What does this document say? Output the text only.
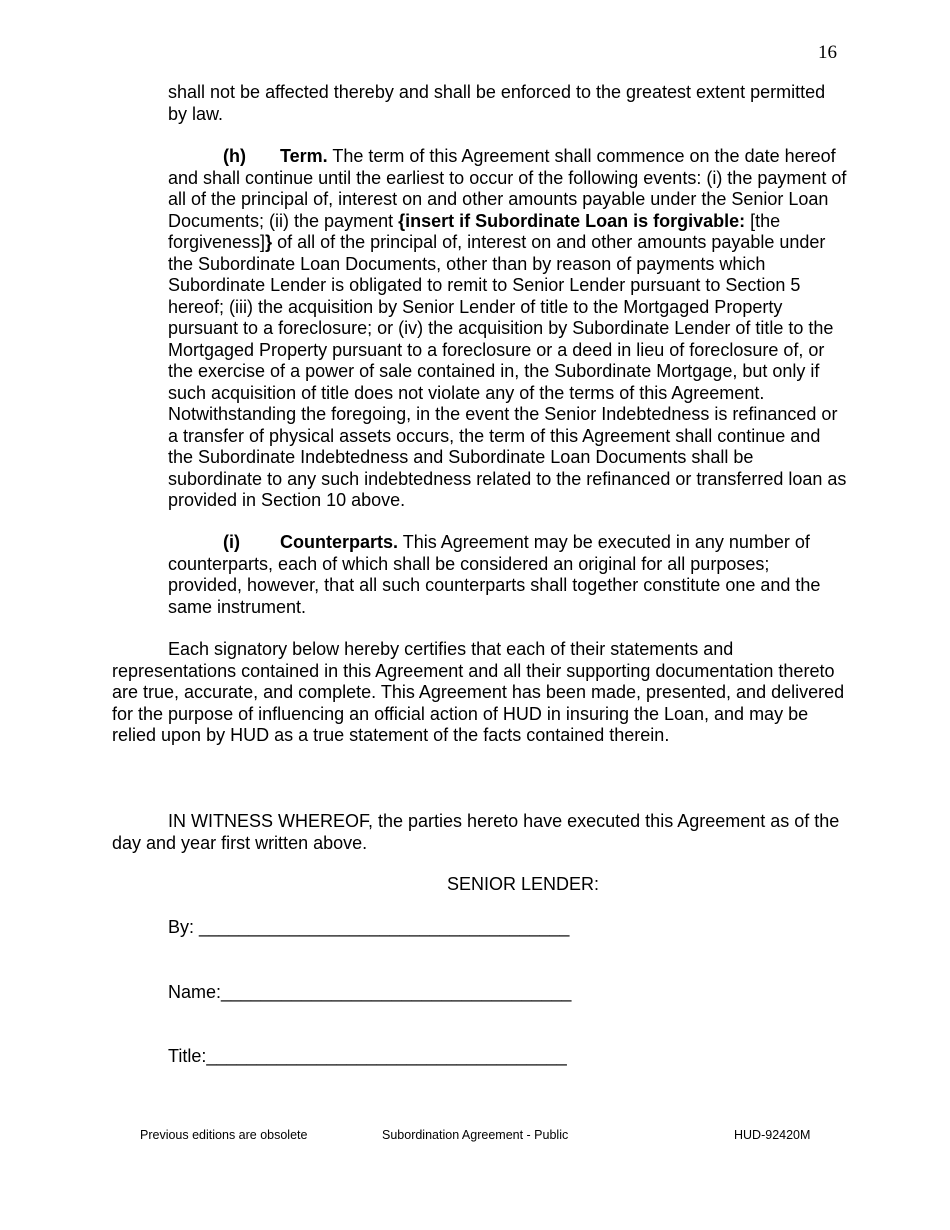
16

shall not be affected thereby and shall be enforced to the greatest extent permitted by law.

(h) Term. The term of this Agreement shall commence on the date hereof and shall continue until the earliest to occur of the following events: (i) the payment of all of the principal of, interest on and other amounts payable under the Senior Loan Documents; (ii) the payment {insert if Subordinate Loan is forgivable: [the forgiveness]} of all of the principal of, interest on and other amounts payable under the Subordinate Loan Documents, other than by reason of payments which Subordinate Lender is obligated to remit to Senior Lender pursuant to Section 5 hereof; (iii) the acquisition by Senior Lender of title to the Mortgaged Property pursuant to a foreclosure; or (iv) the acquisition by Subordinate Lender of title to the Mortgaged Property pursuant to a foreclosure or a deed in lieu of foreclosure of, or the exercise of a power of sale contained in, the Subordinate Mortgage, but only if such acquisition of title does not violate any of the terms of this Agreement. Notwithstanding the foregoing, in the event the Senior Indebtedness is refinanced or a transfer of physical assets occurs, the term of this Agreement shall continue and the Subordinate Indebtedness and Subordinate Loan Documents shall be subordinate to any such indebtedness related to the refinanced or transferred loan as provided in Section 10 above.

(i) Counterparts. This Agreement may be executed in any number of counterparts, each of which shall be considered an original for all purposes; provided, however, that all such counterparts shall together constitute one and the same instrument.

Each signatory below hereby certifies that each of their statements and representations contained in this Agreement and all their supporting documentation thereto are true, accurate, and complete. This Agreement has been made, presented, and delivered for the purpose of influencing an official action of HUD in insuring the Loan, and may be relied upon by HUD as a true statement of the facts contained therein.

IN WITNESS WHEREOF, the parties hereto have executed this Agreement as of the day and year first written above.

SENIOR LENDER:
By: _____________________________________
Name:___________________________________
Title:____________________________________
Previous editions are obsolete	Subordination Agreement - Public	HUD-92420M
